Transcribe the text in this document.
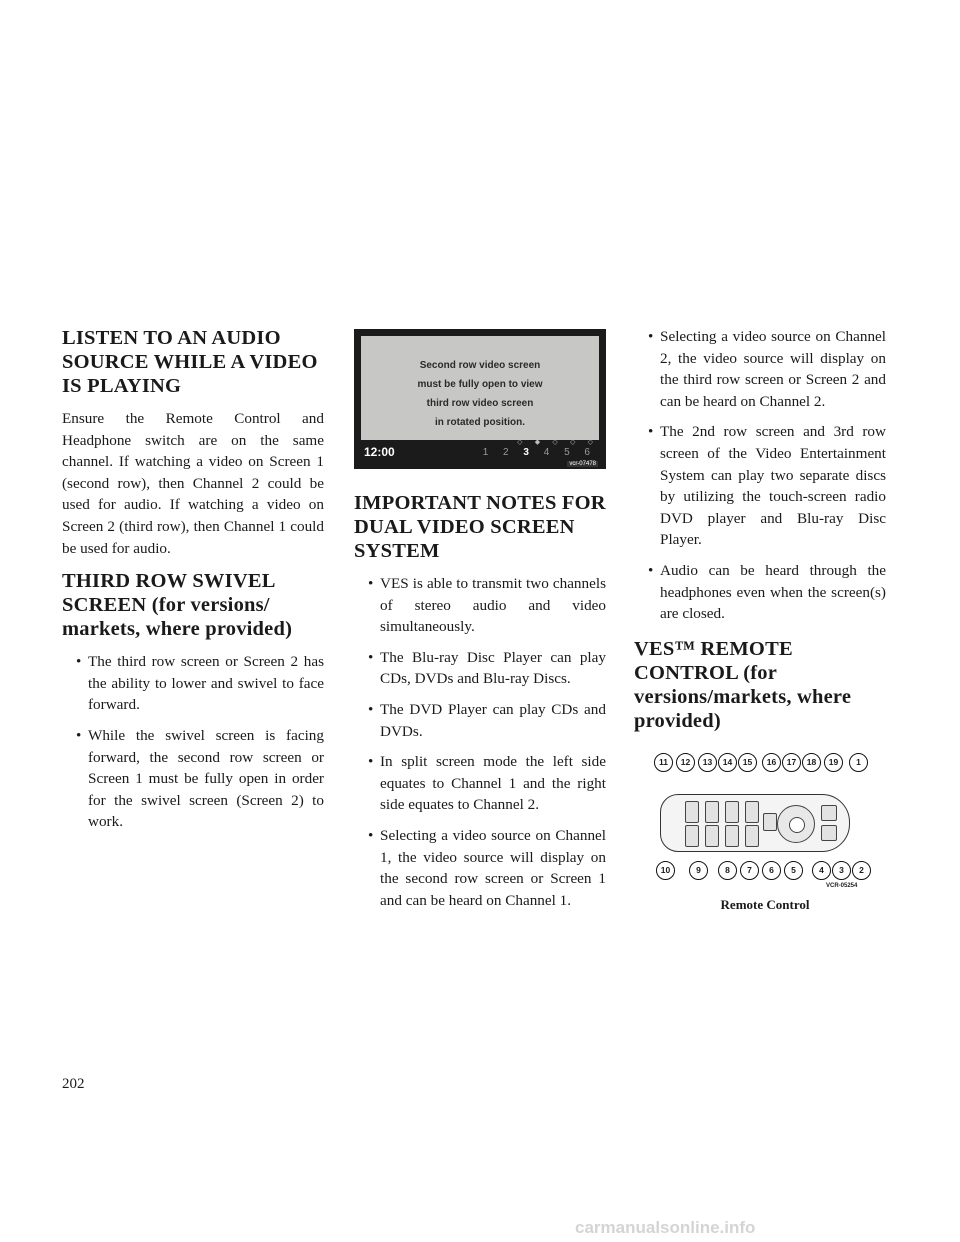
LISTEN TO AN AUDIO SOURCE WHILE A VIDEO IS PLAYING

Ensure the Remote Control and Headphone switch are on the same channel. If watching a video on Screen 1 (second row), then Channel 2 could be used for audio. If watching a video on Screen 2 (third row), then Channel 1 could be used for audio.

THIRD ROW SWIVEL SCREEN (for versions/ markets, where provided)
• The third row screen or Screen 2 has the ability to lower and swivel to face forward.
• While the swivel screen is facing forward, the second row screen or Screen 1 must be fully open in order for the swivel screen (Screen 2) to work.
Second row video screen
must be fully open to view
third row video screen
in rotated position.
12:00
◇ ◆ ◇ ◇ ◇
1 2 3 4 5 6
vcr-07478
IMPORTANT NOTES FOR DUAL VIDEO SCREEN SYSTEM
• VES is able to transmit two channels of stereo audio and video simultaneously.
• The Blu-ray Disc Player can play CDs, DVDs and Blu-ray Discs.
• The DVD Player can play CDs and DVDs.
• In split screen mode the left side equates to Channel 1 and the right side equates to Channel 2.
• Selecting a video source on Channel 1, the video source will display on the second row screen or Screen 1 and can be heard on Channel 1.
• Selecting a video source on Channel 2, the video source will display on the third row screen or Screen 2 and can be heard on Channel 2.
• The 2nd row screen and 3rd row screen of the Video Entertainment System can play two separate discs by utilizing the touch-screen radio DVD player and Blu-ray Disc Player.
• Audio can be heard through the headphones even when the screen(s) are closed.
VES™ REMOTE CONTROL (for versions/markets, where provided)
11	12	13	14	15	16	17	18	19	1
10	9	8	7	6	5	4	3	2
VCR-05254
Remote Control
202
carmanualsonline.info
